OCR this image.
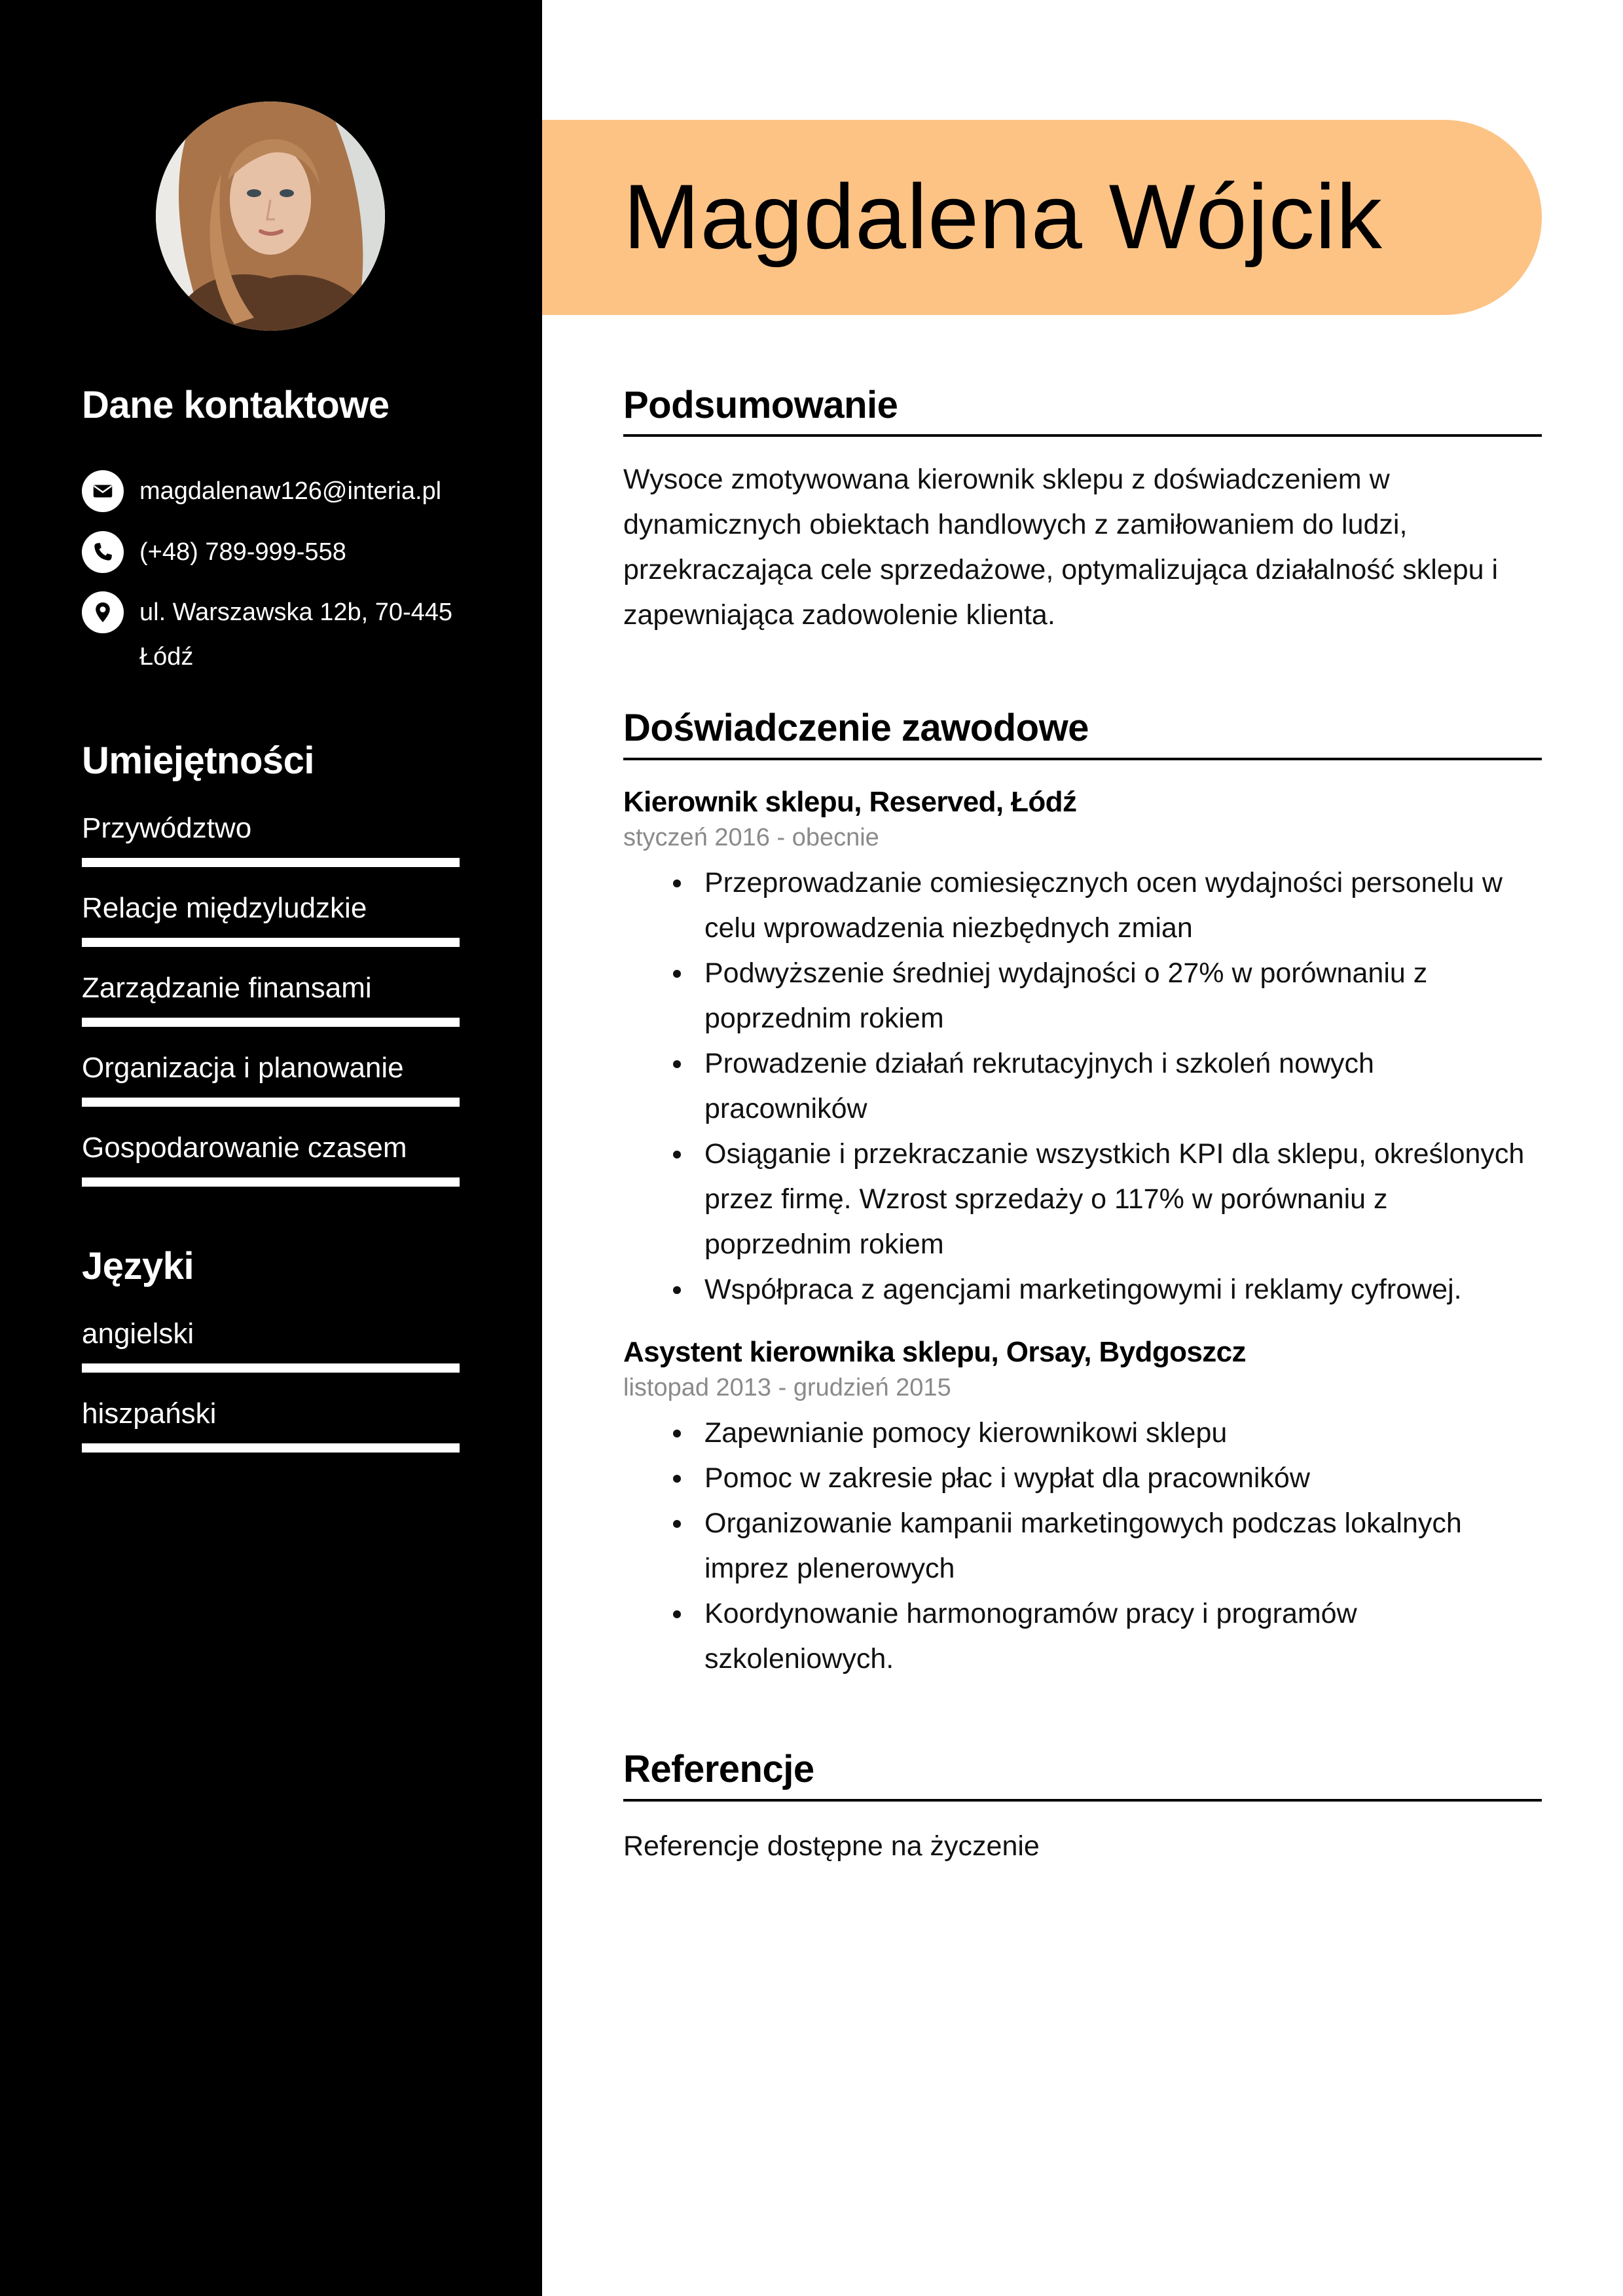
Dane kontaktowe
magdalenaw126@interia.pl
(+48) 789-999-558
ul. Warszawska 12b, 70-445
Łódź
Umiejętności
Przywództwo
Relacje międzyludzkie
Zarządzanie finansami
Organizacja i planowanie
Gospodarowanie czasem
Języki
angielski
hiszpański
Magdalena Wójcik
Podsumowanie

Wysoce zmotywowana kierownik sklepu z doświadczeniem w dynamicznych obiektach handlowych z zamiłowaniem do ludzi, przekraczająca cele sprzedażowe, optymalizująca działalność sklepu i zapewniająca zadowolenie klienta.

Doświadczenie zawodowe
Kierownik sklepu, Reserved, Łódź
styczeń 2016 - obecnie
Przeprowadzanie comiesięcznych ocen wydajności personelu w celu wprowadzenia niezbędnych zmian
Podwyższenie średniej wydajności o 27% w porównaniu z poprzednim rokiem
Prowadzenie działań rekrutacyjnych i szkoleń nowych pracowników
Osiąganie i przekraczanie wszystkich KPI dla sklepu, określonych przez firmę. Wzrost sprzedaży o 117% w porównaniu z poprzednim rokiem
Współpraca z agencjami marketingowymi i reklamy cyfrowej.
Asystent kierownika sklepu, Orsay, Bydgoszcz
listopad 2013 - grudzień 2015
Zapewnianie pomocy kierownikowi sklepu
Pomoc w zakresie płac i wypłat dla pracowników
Organizowanie kampanii marketingowych podczas lokalnych imprez plenerowych
Koordynowanie harmonogramów pracy i programów szkoleniowych.
Referencje

Referencje dostępne na życzenie
